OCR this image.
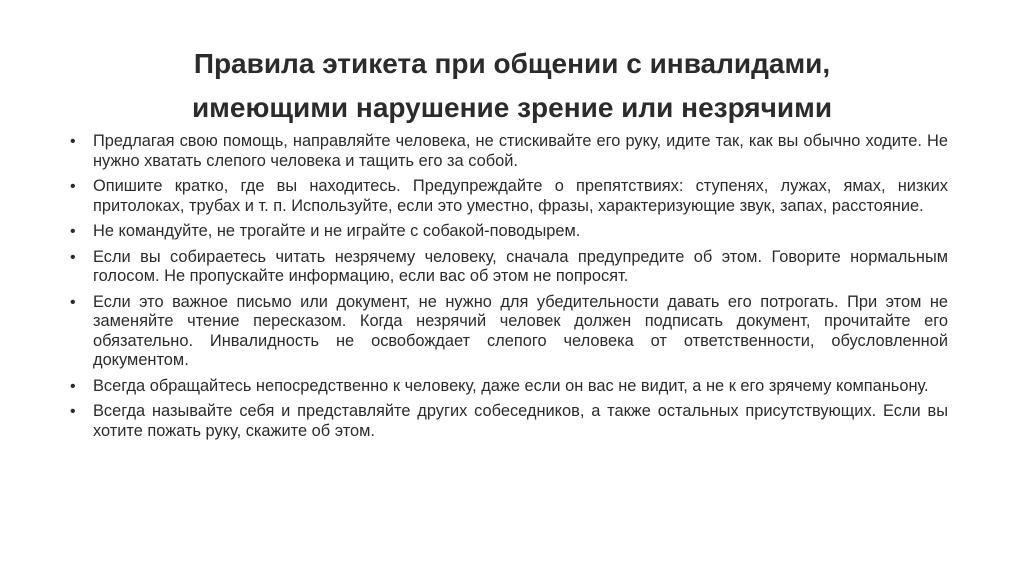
Правила этикета при общении с инвалидами,
имеющими нарушение зрение или незрячими
• Предлагая свою помощь, направляйте человека, не стискивайте его руку, идите так, как вы обычно ходите. Не нужно хватать слепого человека и тащить его за собой.
• Опишите кратко, где вы находитесь. Предупреждайте о препятствиях: ступенях, лужах, ямах, низких притолоках, трубах и т. п. Используйте, если это уместно, фразы, характеризующие звук, запах, расстояние.
• Не командуйте, не трогайте и не играйте с собакой-поводырем.
• Если вы собираетесь читать незрячему человеку, сначала предупредите об этом. Говорите нормальным голосом. Не пропускайте информацию, если вас об этом не попросят.
• Если это важное письмо или документ, не нужно для убедительности давать его потрогать. При этом не заменяйте чтение пересказом. Когда незрячий человек должен подписать документ, прочитайте его обязательно. Инвалидность не освобождает слепого человека от ответственности, обусловленной документом.
• Всегда обращайтесь непосредственно к человеку, даже если он вас не видит, а не к его зрячему компаньону.
• Всегда называйте себя и представляйте других собеседников, а также остальных присутствующих. Если вы хотите пожать руку, скажите об этом.
